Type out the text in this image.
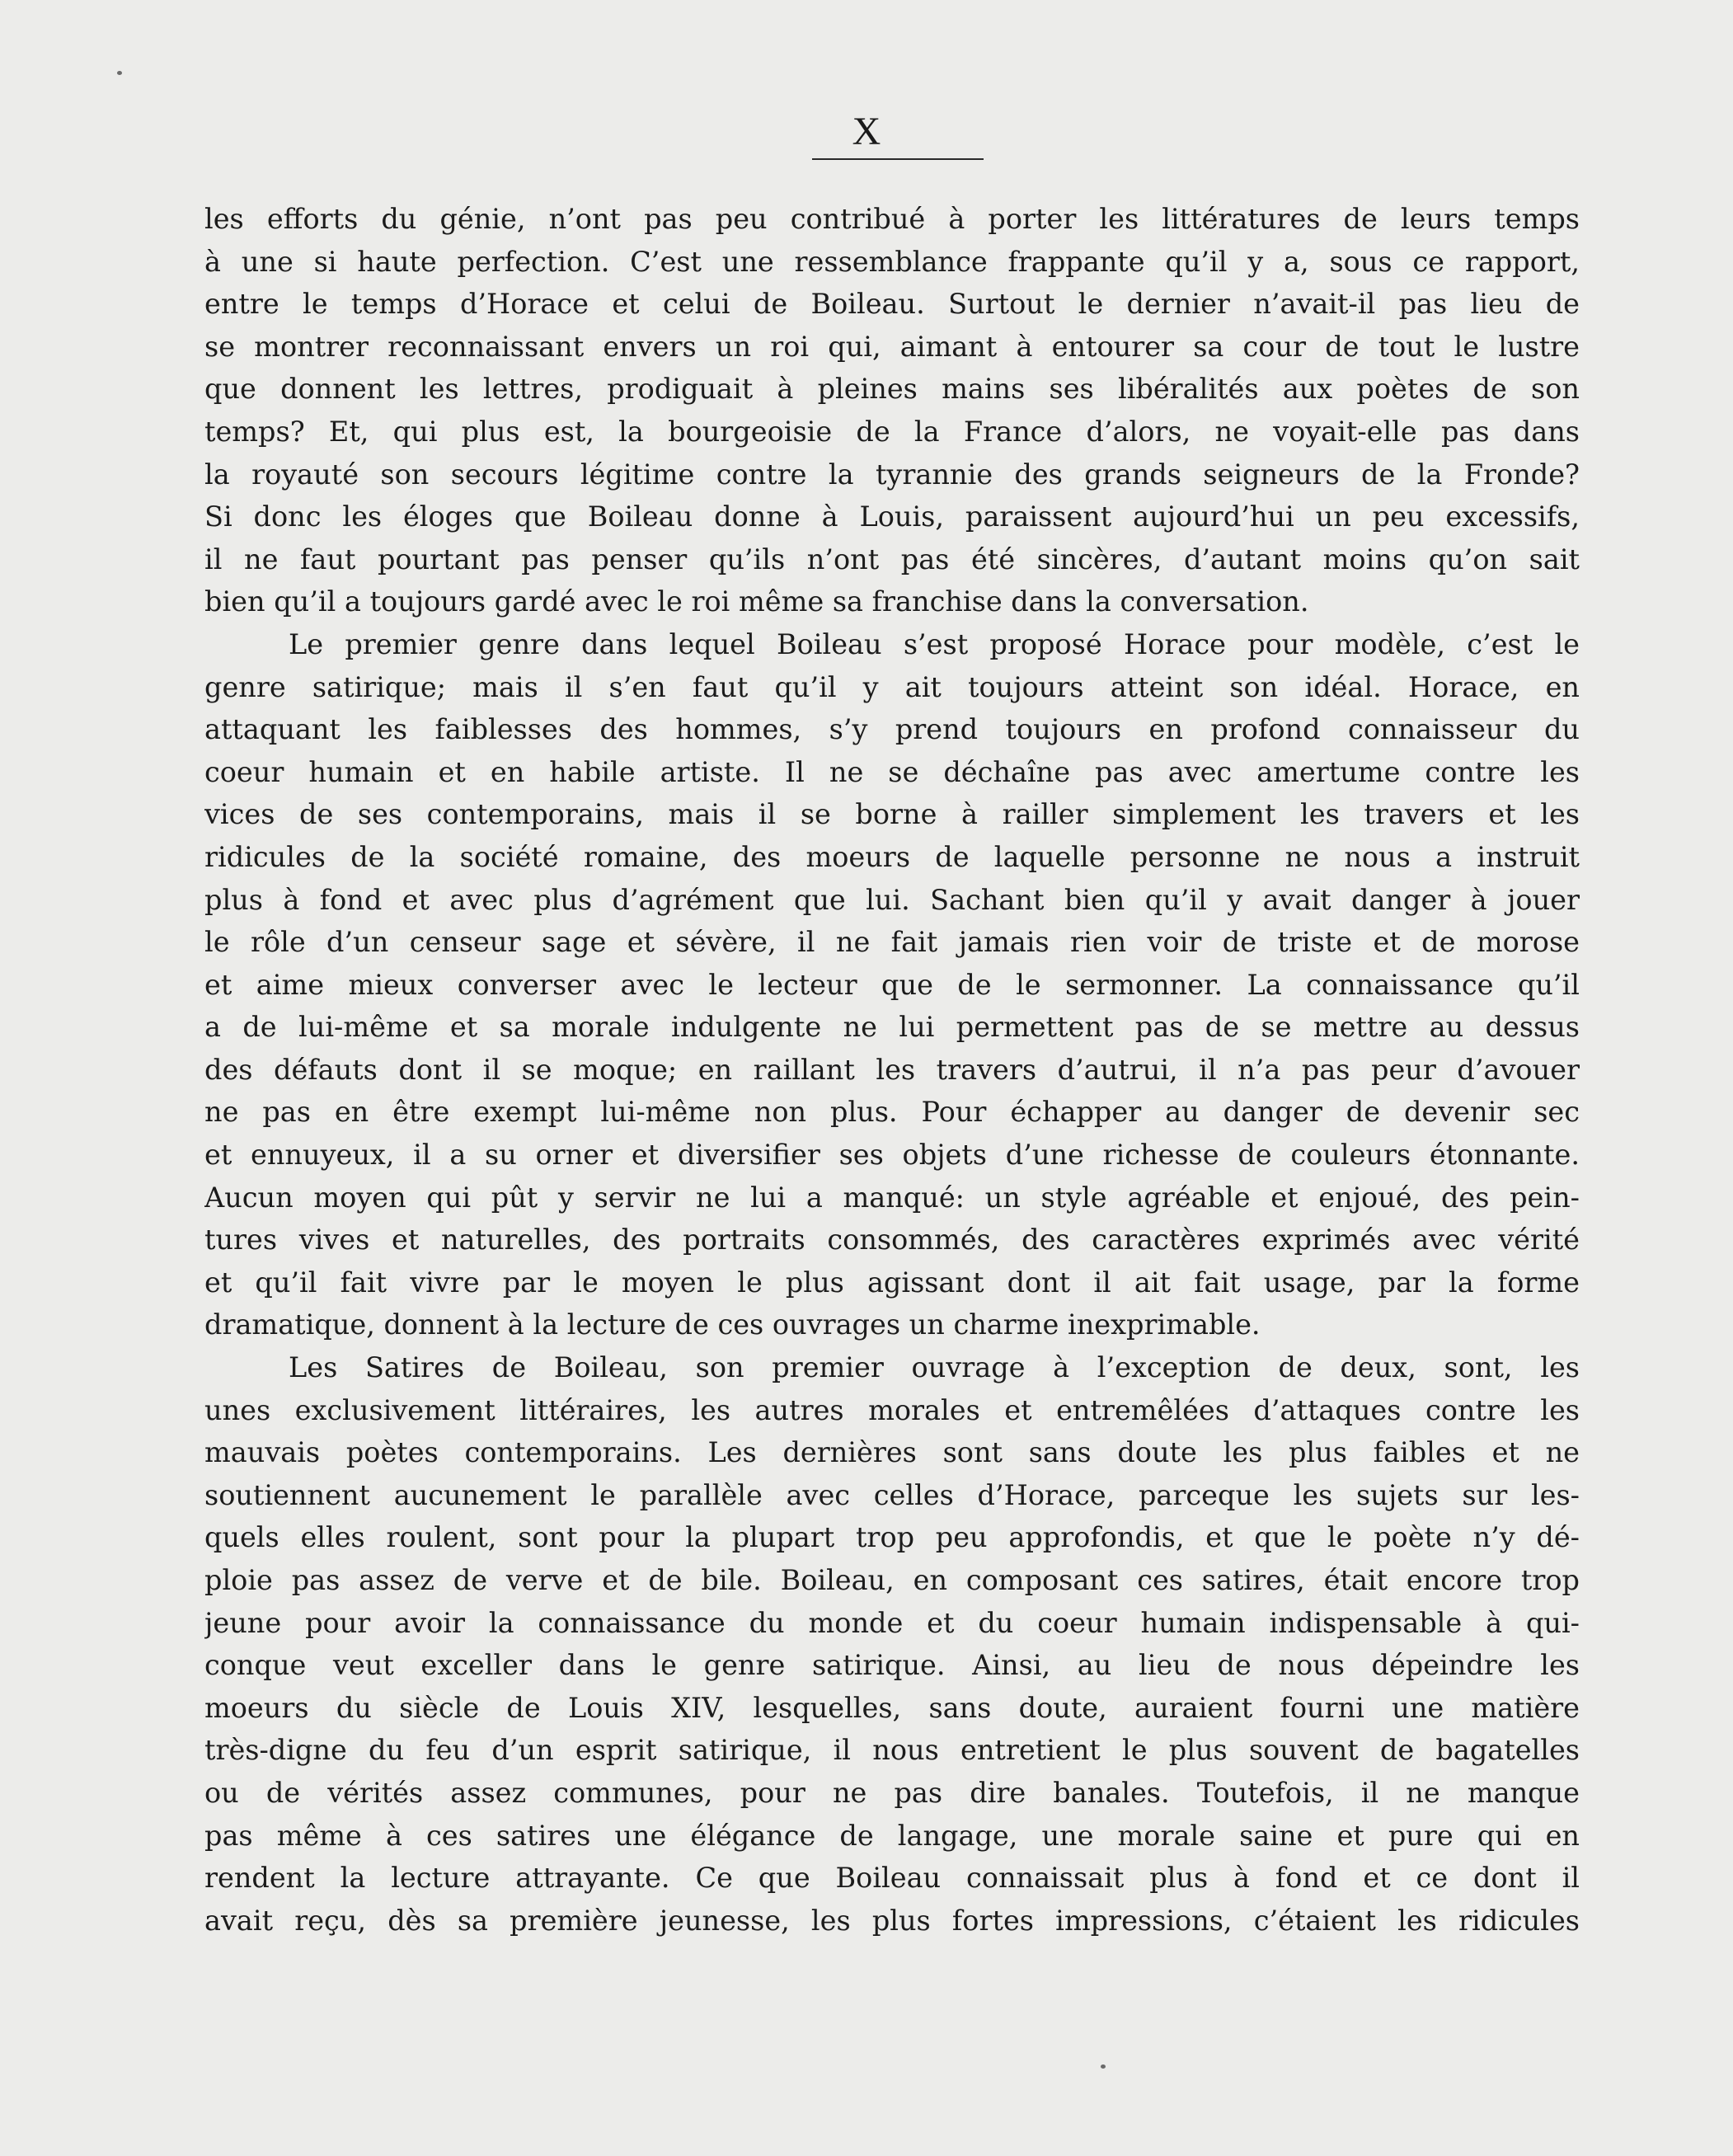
X
les efforts du génie, n’ont pas peu contribué à porter les littératures de leurs temps
à une si haute perfection. C’est une ressemblance frappante qu’il y a, sous ce rapport,
entre le temps d’Horace et celui de Boileau. Surtout le dernier n’avait-il pas lieu de
se montrer reconnaissant envers un roi qui, aimant à entourer sa cour de tout le lustre
que donnent les lettres, prodiguait à pleines mains ses libéralités aux poètes de son
temps? Et, qui plus est, la bourgeoisie de la France d’alors, ne voyait-elle pas dans
la royauté son secours légitime contre la tyrannie des grands seigneurs de la Fronde?
Si donc les éloges que Boileau donne à Louis, paraissent aujourd’hui un peu excessifs,
il ne faut pourtant pas penser qu’ils n’ont pas été sincères, d’autant moins qu’on sait
bien qu’il a toujours gardé avec le roi même sa franchise dans la conversation.
Le premier genre dans lequel Boileau s’est proposé Horace pour modèle, c’est le
genre satirique; mais il s’en faut qu’il y ait toujours atteint son idéal. Horace, en
attaquant les faiblesses des hommes, s’y prend toujours en profond connaisseur du
coeur humain et en habile artiste. Il ne se déchaîne pas avec amertume contre les
vices de ses contemporains, mais il se borne à railler simplement les travers et les
ridicules de la société romaine, des moeurs de laquelle personne ne nous a instruit
plus à fond et avec plus d’agrément que lui. Sachant bien qu’il y avait danger à jouer
le rôle d’un censeur sage et sévère, il ne fait jamais rien voir de triste et de morose
et aime mieux converser avec le lecteur que de le sermonner. La connaissance qu’il
a de lui-même et sa morale indulgente ne lui permettent pas de se mettre au dessus
des défauts dont il se moque; en raillant les travers d’autrui, il n’a pas peur d’avouer
ne pas en être exempt lui-même non plus. Pour échapper au danger de devenir sec
et ennuyeux, il a su orner et diversifier ses objets d’une richesse de couleurs étonnante.
Aucun moyen qui pût y servir ne lui a manqué: un style agréable et enjoué, des pein-
tures vives et naturelles, des portraits consommés, des caractères exprimés avec vérité
et qu’il fait vivre par le moyen le plus agissant dont il ait fait usage, par la forme
dramatique, donnent à la lecture de ces ouvrages un charme inexprimable.
Les Satires de Boileau, son premier ouvrage à l’exception de deux, sont, les
unes exclusivement littéraires, les autres morales et entremêlées d’attaques contre les
mauvais poètes contemporains. Les dernières sont sans doute les plus faibles et ne
soutiennent aucunement le parallèle avec celles d’Horace, parceque les sujets sur les-
quels elles roulent, sont pour la plupart trop peu approfondis, et que le poète n’y dé-
ploie pas assez de verve et de bile. Boileau, en composant ces satires, était encore trop
jeune pour avoir la connaissance du monde et du coeur humain indispensable à qui-
conque veut exceller dans le genre satirique. Ainsi, au lieu de nous dépeindre les
moeurs du siècle de Louis XIV, lesquelles, sans doute, auraient fourni une matière
très-digne du feu d’un esprit satirique, il nous entretient le plus souvent de bagatelles
ou de vérités assez communes, pour ne pas dire banales. Toutefois, il ne manque
pas même à ces satires une élégance de langage, une morale saine et pure qui en
rendent la lecture attrayante. Ce que Boileau connaissait plus à fond et ce dont il
avait reçu, dès sa première jeunesse, les plus fortes impressions, c’étaient les ridicules
